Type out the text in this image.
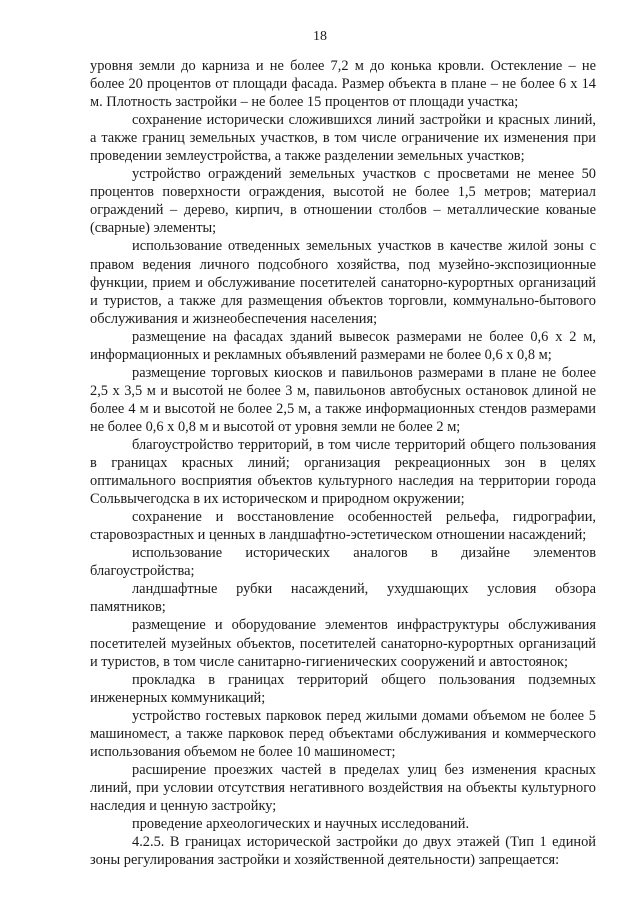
18

уровня земли до карниза и не более 7,2 м до конька кровли. Остекление – не более 20 процентов от площади фасада. Размер объекта в плане – не более 6 х 14 м. Плотность застройки – не более 15 процентов от площади участка;

сохранение исторически сложившихся линий застройки и красных линий, а также границ земельных участков, в том числе ограничение их изменения при проведении землеустройства, а также разделении земельных участков;

устройство ограждений земельных участков с просветами не менее 50 процентов поверхности ограждения, высотой не более 1,5 метров; материал ограждений – дерево, кирпич, в отношении столбов – металлические кованые (сварные) элементы;

использование отведенных земельных участков в качестве жилой зоны с правом ведения личного подсобного хозяйства, под музейно-экспозиционные функции, прием и обслуживание посетителей санаторно-курортных организаций и туристов, а также для размещения объектов торговли, коммунально-бытового обслуживания и жизнеобеспечения населения;

размещение на фасадах зданий вывесок размерами не более 0,6 х 2 м, информационных и рекламных объявлений размерами не более 0,6 х 0,8 м;

размещение торговых киосков и павильонов размерами в плане не более 2,5 х 3,5 м и высотой не более 3 м, павильонов автобусных остановок длиной не более 4 м и высотой не более 2,5 м, а также информационных стендов размерами не более 0,6 х 0,8 м и высотой от уровня земли не более 2 м;

благоустройство территорий, в том числе территорий общего пользования в границах красных линий; организация рекреационных зон в целях оптимального восприятия объектов культурного наследия на территории города Сольвычегодска в их историческом и природном окружении;

сохранение и восстановление особенностей рельефа, гидрографии, старовозрастных и ценных в ландшафтно-эстетическом отношении насаждений;

использование исторических аналогов в дизайне элементов благоустройства;

ландшафтные рубки насаждений, ухудшающих условия обзора памятников;

размещение и оборудование элементов инфраструктуры обслуживания посетителей музейных объектов, посетителей санаторно-курортных организаций и туристов, в том числе санитарно-гигиенических сооружений и автостоянок;

прокладка в границах территорий общего пользования подземных инженерных коммуникаций;

устройство гостевых парковок перед жилыми домами объемом не более 5 машиномест, а также парковок перед объектами обслуживания и коммерческого использования объемом не более 10 машиномест;

расширение проезжих частей в пределах улиц без изменения красных линий, при условии отсутствия негативного воздействия на объекты культурного наследия и ценную застройку;

проведение археологических и научных исследований.

4.2.5. В границах исторической застройки до двух этажей (Тип 1 единой зоны регулирования застройки и хозяйственной деятельности) запрещается:
